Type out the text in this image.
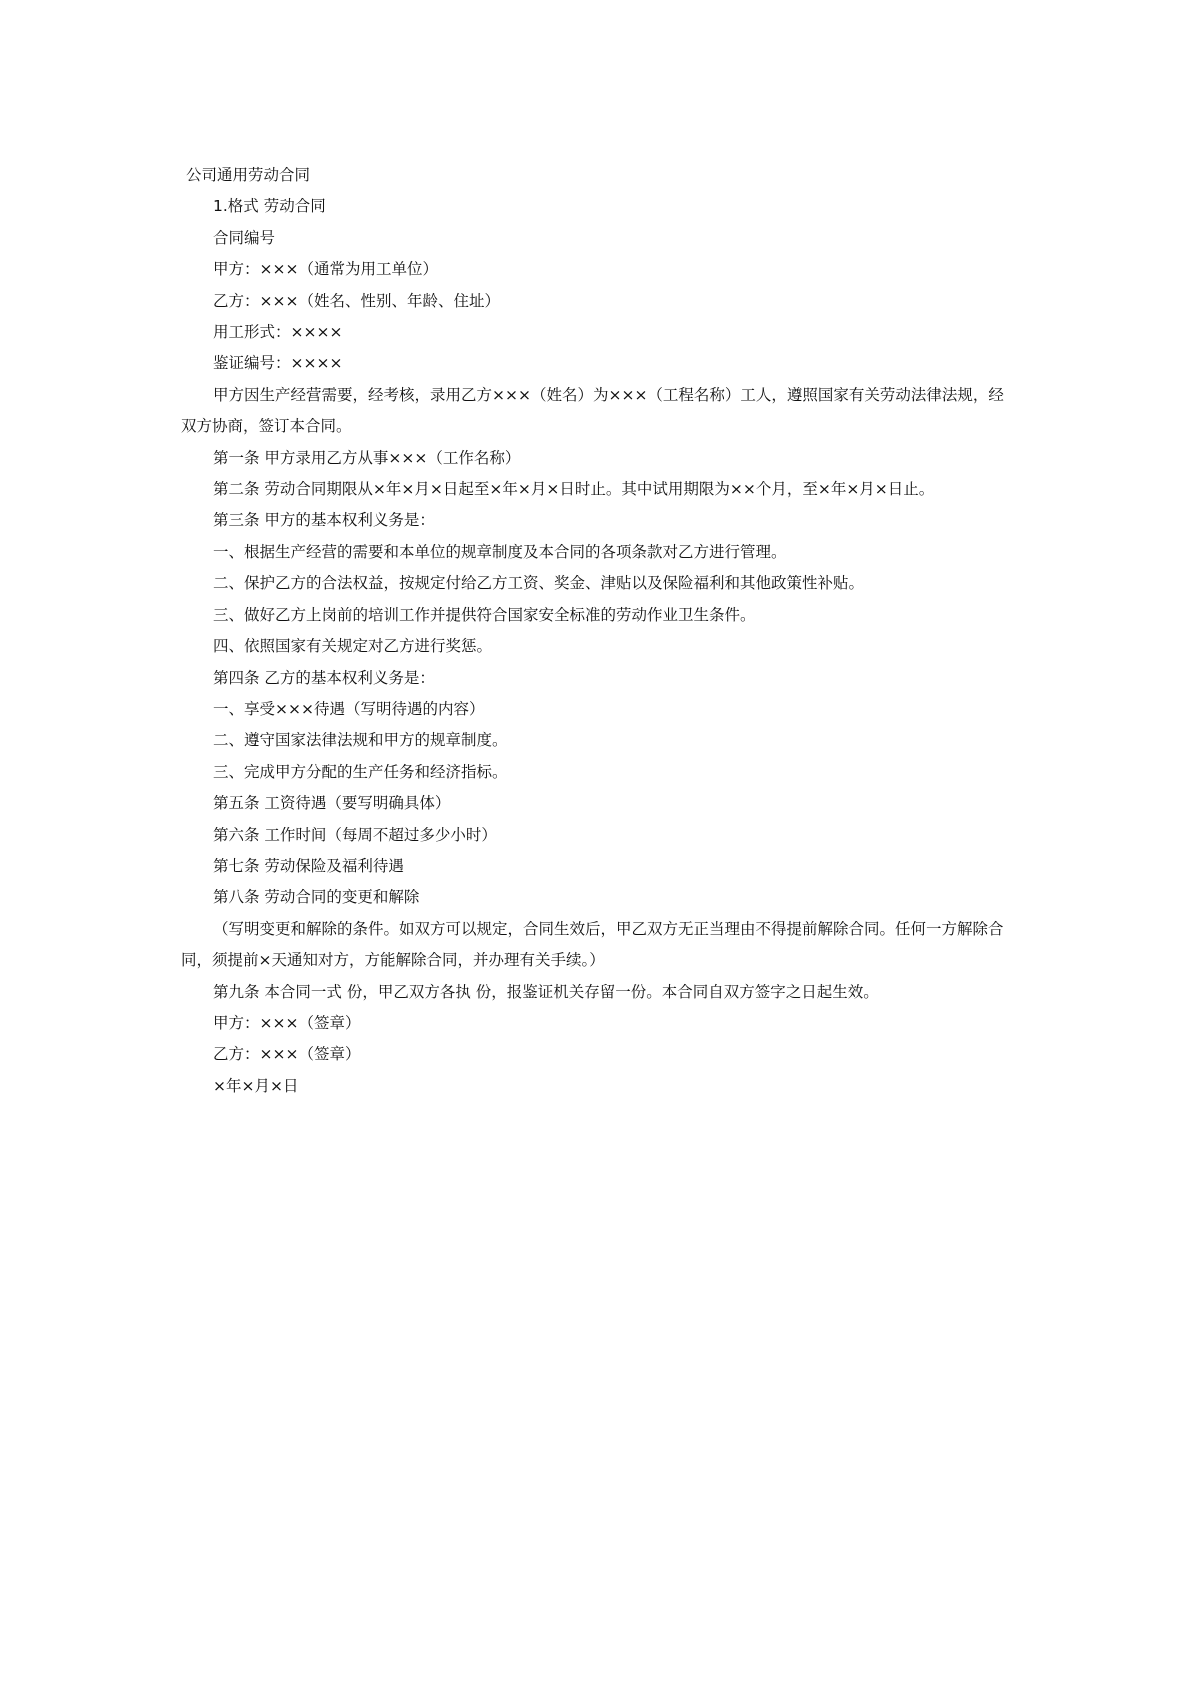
公司通用劳动合同

1.格式 劳动合同

合同编号

甲方：×××（通常为用工单位）

乙方：×××（姓名、性别、年龄、住址）

用工形式：××××

鉴证编号：××××

甲方因生产经营需要，经考核，录用乙方×××（姓名）为×××（工程名称）工人，遵照国家有关劳动法律法规，经双方协商，签订本合同。

第一条 甲方录用乙方从事×××（工作名称）

第二条 劳动合同期限从×年×月×日起至×年×月×日时止。其中试用期限为××个月，至×年×月×日止。

第三条 甲方的基本权利义务是：

一、根据生产经营的需要和本单位的规章制度及本合同的各项条款对乙方进行管理。

二、保护乙方的合法权益，按规定付给乙方工资、奖金、津贴以及保险福利和其他政策性补贴。

三、做好乙方上岗前的培训工作并提供符合国家安全标准的劳动作业卫生条件。

四、依照国家有关规定对乙方进行奖惩。

第四条 乙方的基本权利义务是：

一、享受×××待遇（写明待遇的内容）

二、遵守国家法律法规和甲方的规章制度。

三、完成甲方分配的生产任务和经济指标。

第五条 工资待遇（要写明确具体）

第六条 工作时间（每周不超过多少小时）

第七条 劳动保险及福利待遇

第八条 劳动合同的变更和解除

（写明变更和解除的条件。如双方可以规定，合同生效后，甲乙双方无正当理由不得提前解除合同。任何一方解除合同，须提前×天通知对方，方能解除合同，并办理有关手续。）

第九条 本合同一式 份，甲乙双方各执 份，报鉴证机关存留一份。本合同自双方签字之日起生效。

甲方：×××（签章）

乙方：×××（签章）

×年×月×日
